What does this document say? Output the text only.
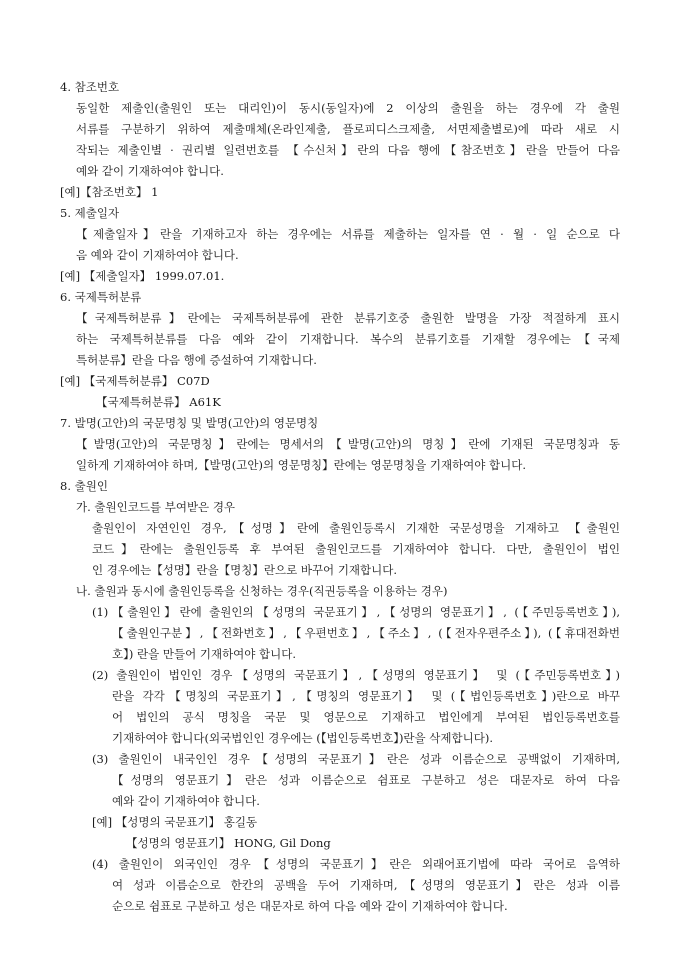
4. 참조번호
동일한 제출인(출원인 또는 대리인)이 동시(동일자)에 2 이상의 출원을 하는 경우에 각 출원
서류를 구분하기 위하여 제출매체(온라인제출, 플로피디스크제출, 서면제출별로)에 따라 새로 시
작되는 제출인별 · 권리별 일련번호를 【수신처】란의 다음 행에【참조번호】란을 만들어 다음
예와 같이 기재하여야 합니다.
[예]【참조번호】 1
5. 제출일자
【제출일자】란을 기재하고자 하는 경우에는 서류를 제출하는 일자를 연 · 월 · 일 순으로 다
음 예와 같이 기재하여야 합니다.
[예] 【제출일자】 1999.07.01.
6. 국제특허분류
【국제특허분류】란에는 국제특허분류에 관한 분류기호중 출원한 발명을 가장 적절하게 표시
하는 국제특허분류를 다음 예와 같이 기재합니다. 복수의 분류기호를 기재할 경우에는【국제
특허분류】란을 다음 행에 증설하여 기재합니다.
[예] 【국제특허분류】 C07D
【국제특허분류】 A61K
7. 발명(고안)의 국문명칭 및 발명(고안)의 영문명칭
【발명(고안)의 국문명칭】란에는 명세서의【발명(고안)의 명칭】란에 기재된 국문명칭과 동
일하게 기재하여야 하며,【발명(고안)의 영문명칭】란에는 영문명칭을 기재하여야 합니다.
8. 출원인
가. 출원인코드를 부여받은 경우
출원인이 자연인인 경우,【성명】란에 출원인등록시 기재한 국문성명을 기재하고 【출원인
코드】란에는 출원인등록 후 부여된 출원인코드를 기재하여야 합니다. 다만, 출원인이 법인
인 경우에는【성명】란을【명칭】란으로 바꾸어 기재합니다.
나. 출원과 동시에 출원인등록을 신청하는 경우(직권등록을 이용하는 경우)
(1)【출원인】란에 출원인의【성명의 국문표기】,【성명의 영문표기】, (【주민등록번호】),
【출원인구분】,【전화번호】,【우편번호】,【주소】, (【전자우편주소】), (【휴대전화번
호】) 란을 만들어 기재하여야 합니다.
(2) 출원인이 법인인 경우【성명의 국문표기】,【성명의 영문표기】 및 (【주민등록번호】)
란을 각각【명칭의 국문표기】,【명칭의 영문표기】 및 (【법인등록번호】)란으로 바꾸
어 법인의 공식 명칭을 국문 및 영문으로 기재하고 법인에게 부여된 법인등록번호를
기재하여야 합니다(외국법인인 경우에는 (【법인등록번호】)란을 삭제합니다).
(3) 출원인이 내국인인 경우【성명의 국문표기】란은 성과 이름순으로 공백없이 기재하며,
【성명의 영문표기】란은 성과 이름순으로 쉼표로 구분하고 성은 대문자로 하여 다음
예와 같이 기재하여야 합니다.
[예] 【성명의 국문표기】 홍길동
【성명의 영문표기】 HONG, Gil Dong
(4) 출원인이 외국인인 경우【성명의 국문표기】란은 외래어표기법에 따라 국어로 음역하
여 성과 이름순으로 한칸의 공백을 두어 기재하며,【성명의 영문표기】란은 성과 이름
순으로 쉼표로 구분하고 성은 대문자로 하여 다음 예와 같이 기재하여야 합니다.
